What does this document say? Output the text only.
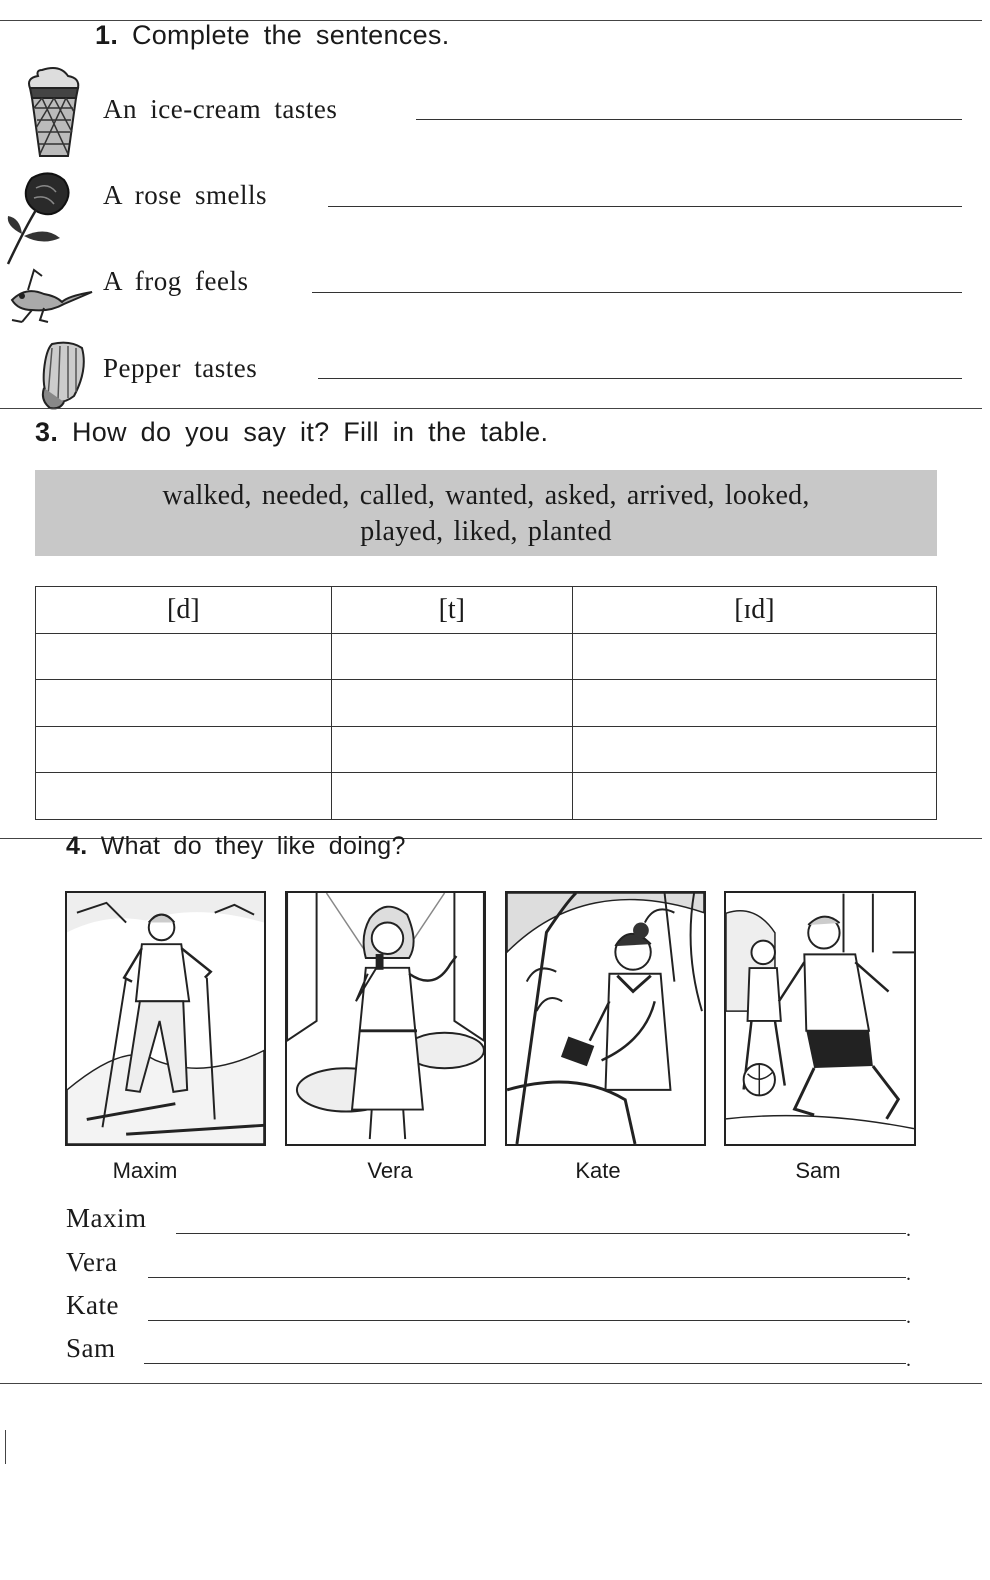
1. Complete the sentences.
An ice-cream tastes
A rose smells
A frog feels
Pepper tastes
3. How do you say it? Fill in the table.
walked, needed, called, wanted, asked, arrived, looked,
played, liked, planted
[d]	[t]	[ɪd]

4. What do they like doing?
Maxim	Vera	Kate	Sam
Maxim	.
Vera	.
Kate	.
Sam	.
